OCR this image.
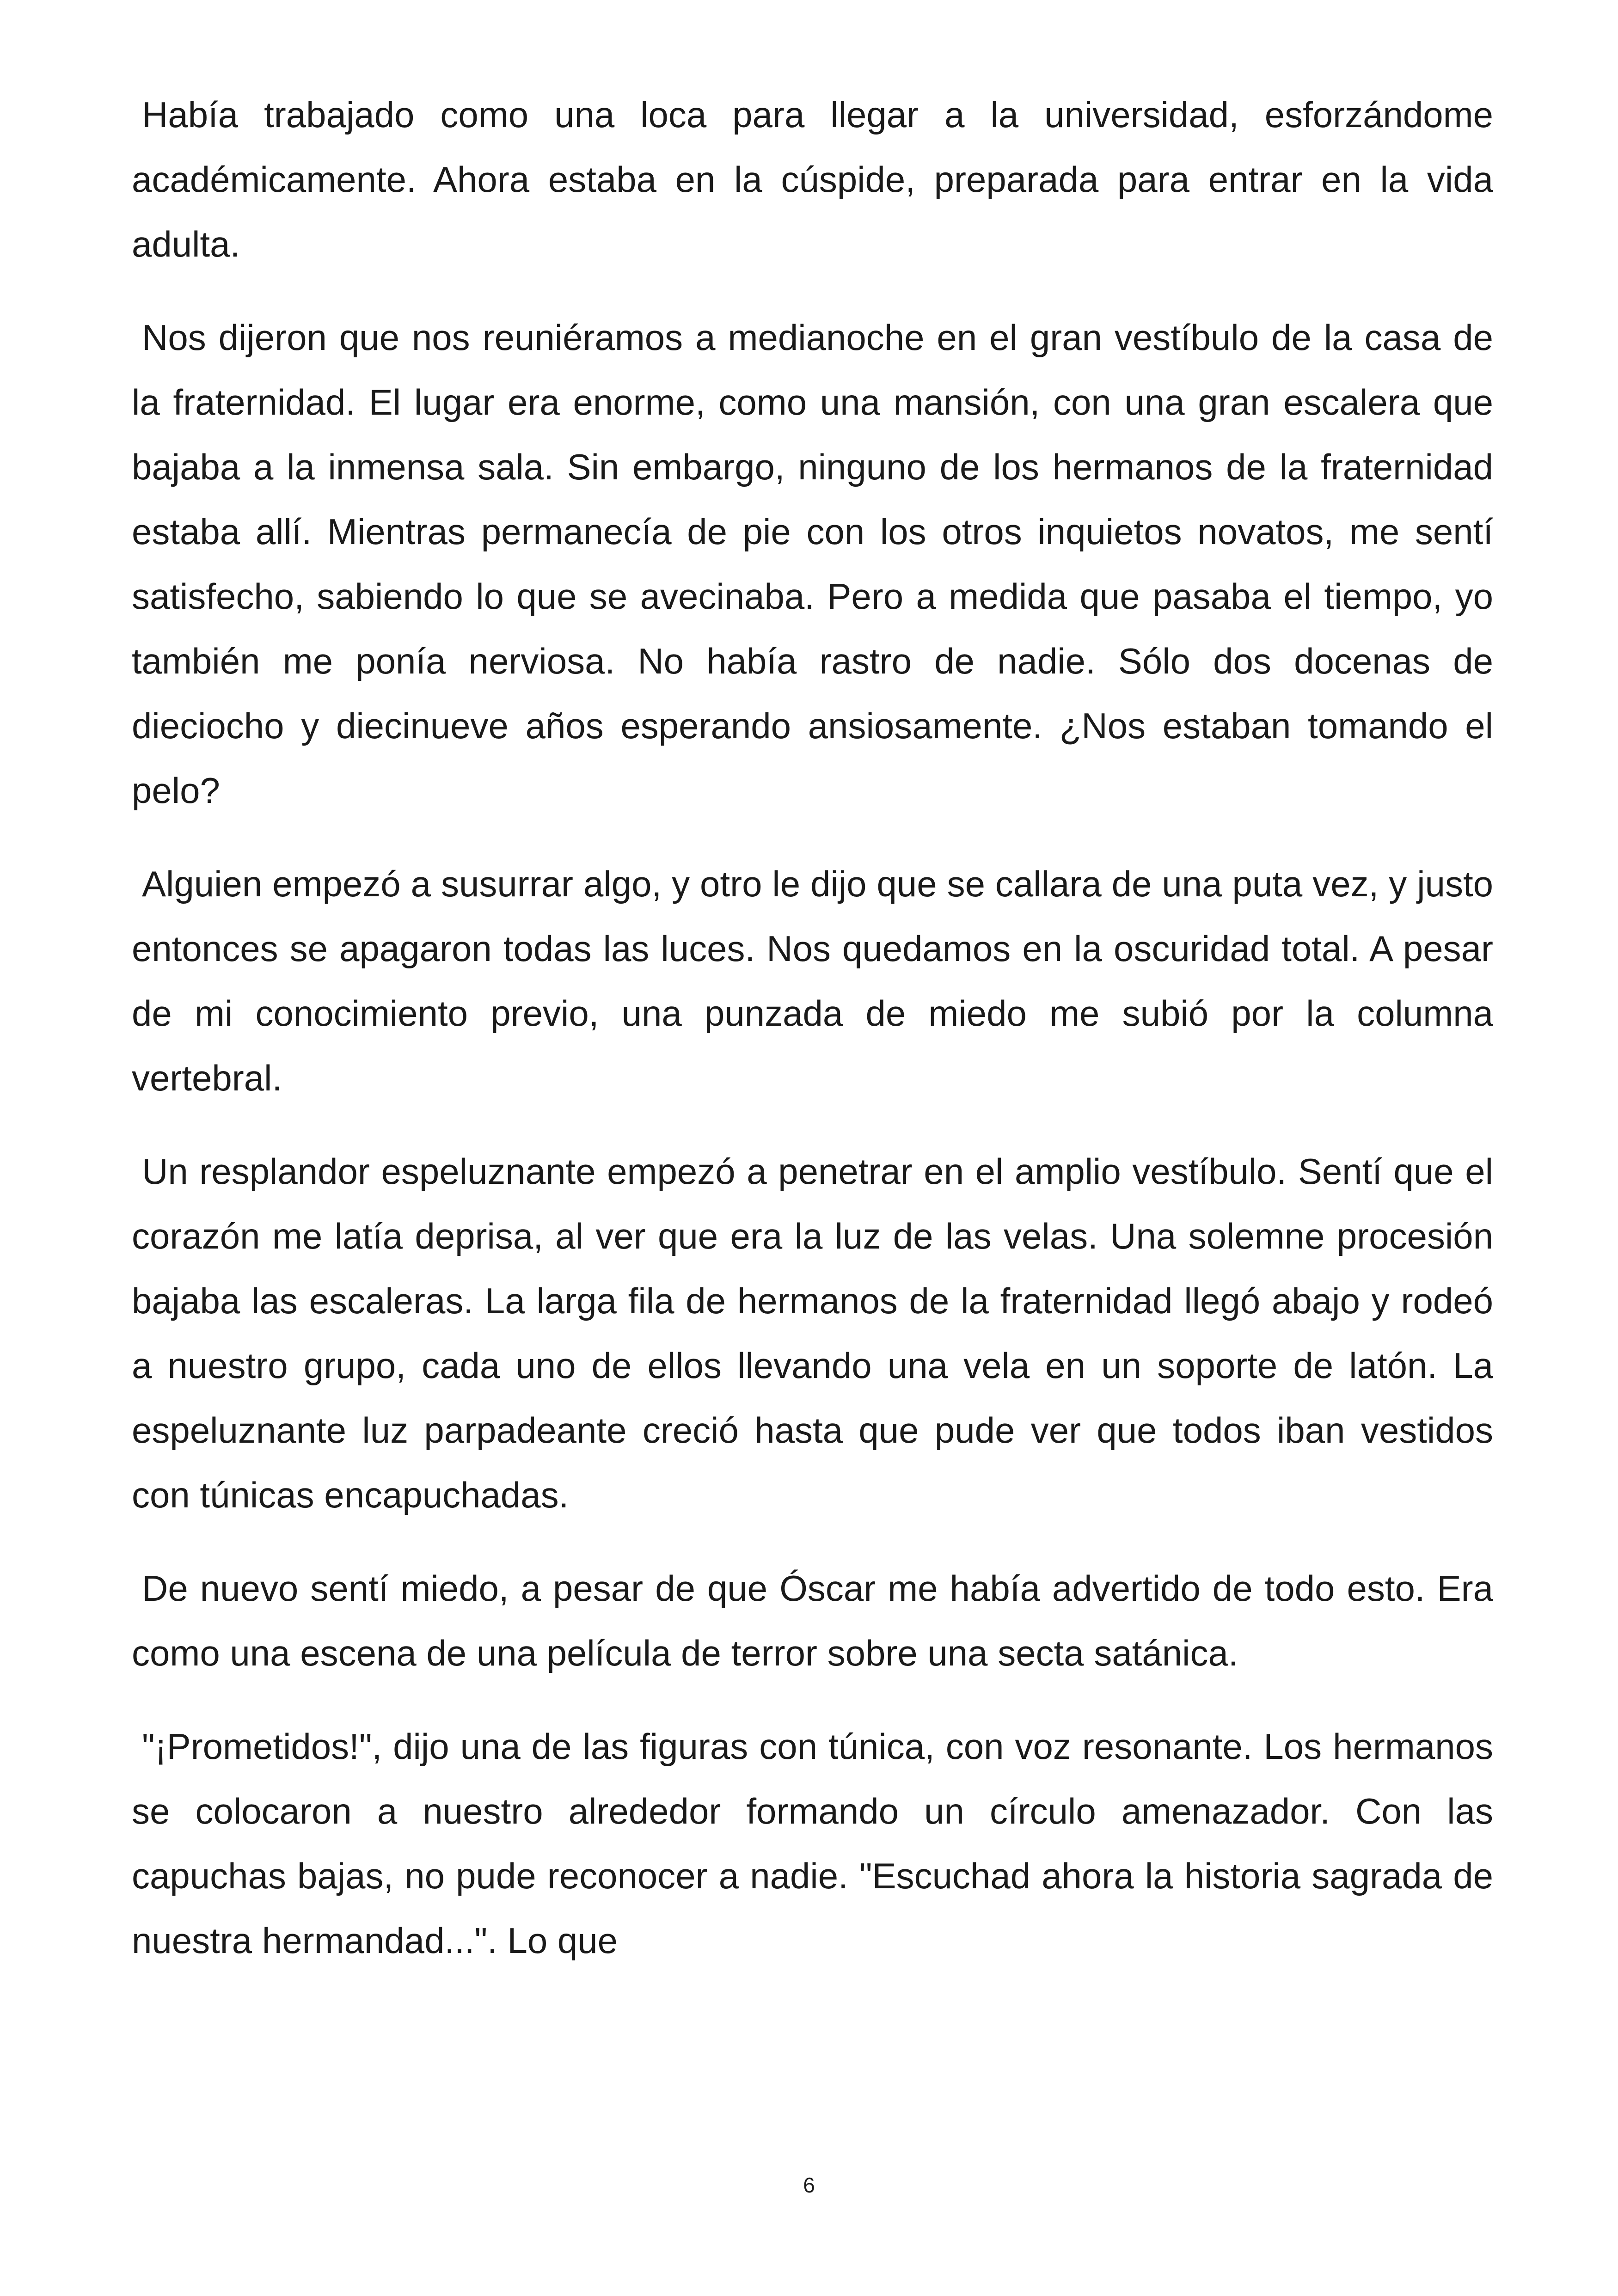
Había trabajado como una loca para llegar a la universidad, esforzándome académicamente. Ahora estaba en la cúspide, preparada para entrar en la vida adulta.

Nos dijeron que nos reuniéramos a medianoche en el gran vestíbulo de la casa de la fraternidad. El lugar era enorme, como una mansión, con una gran escalera que bajaba a la inmensa sala. Sin embargo, ninguno de los hermanos de la fraternidad estaba allí. Mientras permanecía de pie con los otros inquietos novatos, me sentí satisfecho, sabiendo lo que se avecinaba. Pero a medida que pasaba el tiempo, yo también me ponía nerviosa. No había rastro de nadie. Sólo dos docenas de dieciocho y diecinueve años esperando ansiosamente. ¿Nos estaban tomando el pelo?

Alguien empezó a susurrar algo, y otro le dijo que se callara de una puta vez, y justo entonces se apagaron todas las luces. Nos quedamos en la oscuridad total. A pesar de mi conocimiento previo, una punzada de miedo me subió por la columna vertebral.

Un resplandor espeluznante empezó a penetrar en el amplio vestíbulo. Sentí que el corazón me latía deprisa, al ver que era la luz de las velas. Una solemne procesión bajaba las escaleras. La larga fila de hermanos de la fraternidad llegó abajo y rodeó a nuestro grupo, cada uno de ellos llevando una vela en un soporte de latón. La espeluznante luz parpadeante creció hasta que pude ver que todos iban vestidos con túnicas encapuchadas.

De nuevo sentí miedo, a pesar de que Óscar me había advertido de todo esto. Era como una escena de una película de terror sobre una secta satánica.

"¡Prometidos!", dijo una de las figuras con túnica, con voz resonante. Los hermanos se colocaron a nuestro alrededor formando un círculo amenazador. Con las capuchas bajas, no pude reconocer a nadie. "Escuchad ahora la historia sagrada de nuestra hermandad...". Lo que

6
